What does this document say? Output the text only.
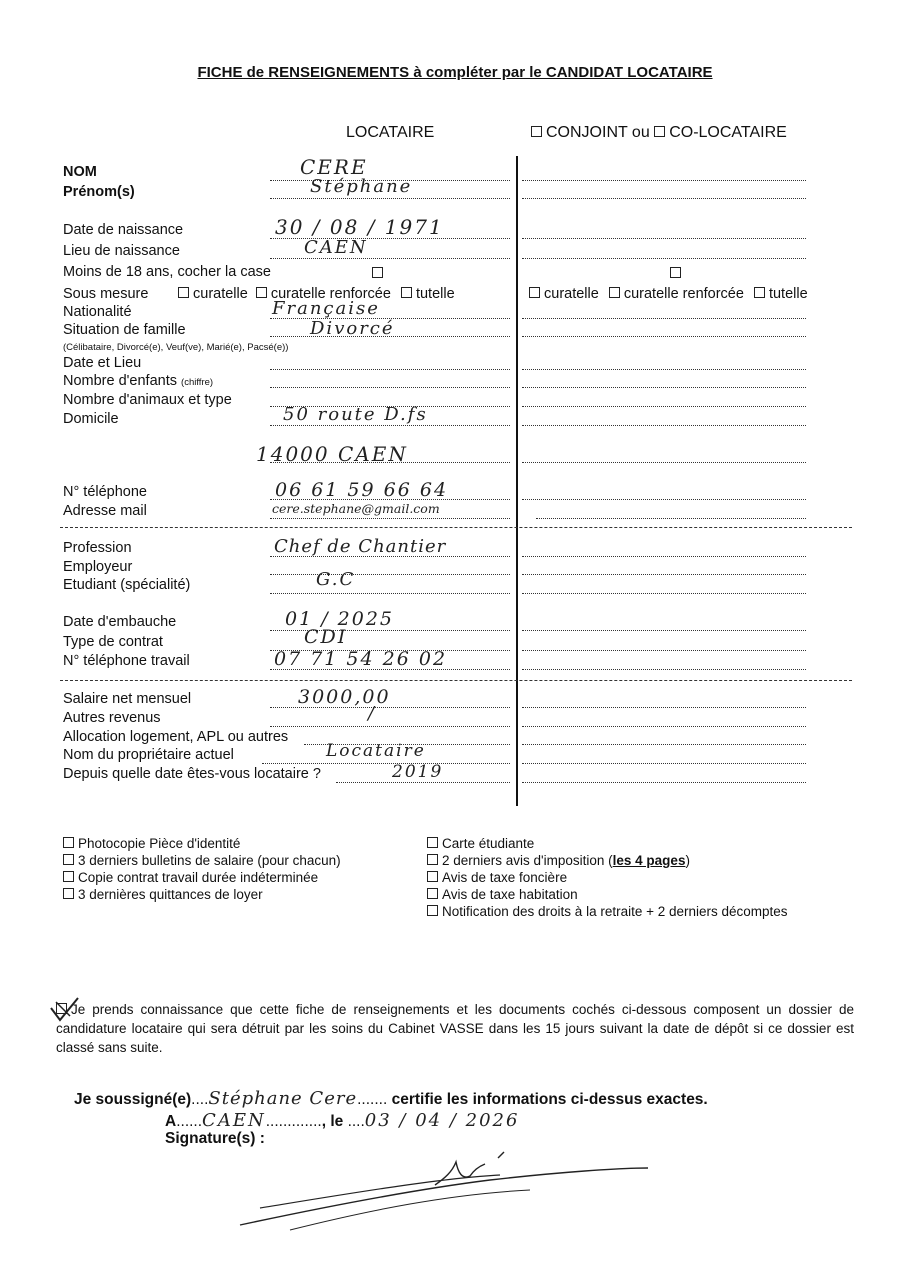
FICHE de RENSEIGNEMENTS à compléter par le CANDIDAT LOCATAIRE
LOCATAIRE	CONJOINT ou CO-LOCATAIRE
NOM
Prénom(s)
Date de naissance
Lieu de naissance
Moins de 18 ans, cocher la case
Sous mesure
Nationalité
Situation de famille
(Célibataire, Divorcé(e), Veuf(ve), Marié(e), Pacsé(e))
Date et Lieu
Nombre d'enfants (chiffre)
Nombre d'animaux et type
Domicile
N° téléphone
Adresse mail
Profession
Employeur
Etudiant (spécialité)
Date d'embauche
Type de contrat
N° téléphone travail
Salaire net mensuel
Autres revenus
Allocation logement, APL ou autres
Nom du propriétaire actuel
Depuis quelle date êtes-vous locataire ?
curatelle curatelle renforcée tutelle	curatelle curatelle renforcée tutelle
CERE
Stéphane
30 / 08 / 1971
CAEN
Française
Divorcé
50 route D.fs
14000 CAEN
06 61 59 66 64
cere.stephane@gmail.com
Chef de Chantier
G.C
01 / 2025
CDI
07 71 54 26 02
3000,00
/
Locataire
2019
Photocopie Pièce d'identité
3 derniers bulletins de salaire (pour chacun)
Copie contrat travail durée indéterminée
3 dernières quittances de loyer
Carte étudiante
2 derniers avis d'imposition (les 4 pages)
Avis de taxe foncière
Avis de taxe habitation
Notification des droits à la retraite + 2 derniers décomptes
Je prends connaissance que cette fiche de renseignements et les documents cochés ci-dessous composent un dossier de candidature locataire qui sera détruit par les soins du Cabinet VASSE dans les 15 jours suivant la date de dépôt si ce dossier est classé sans suite.
Je soussigné(e)....Stéphane Cere....... certifie les informations ci-dessus exactes.
A......CAEN............., le ....03 / 04 / 2026
Signature(s) :
